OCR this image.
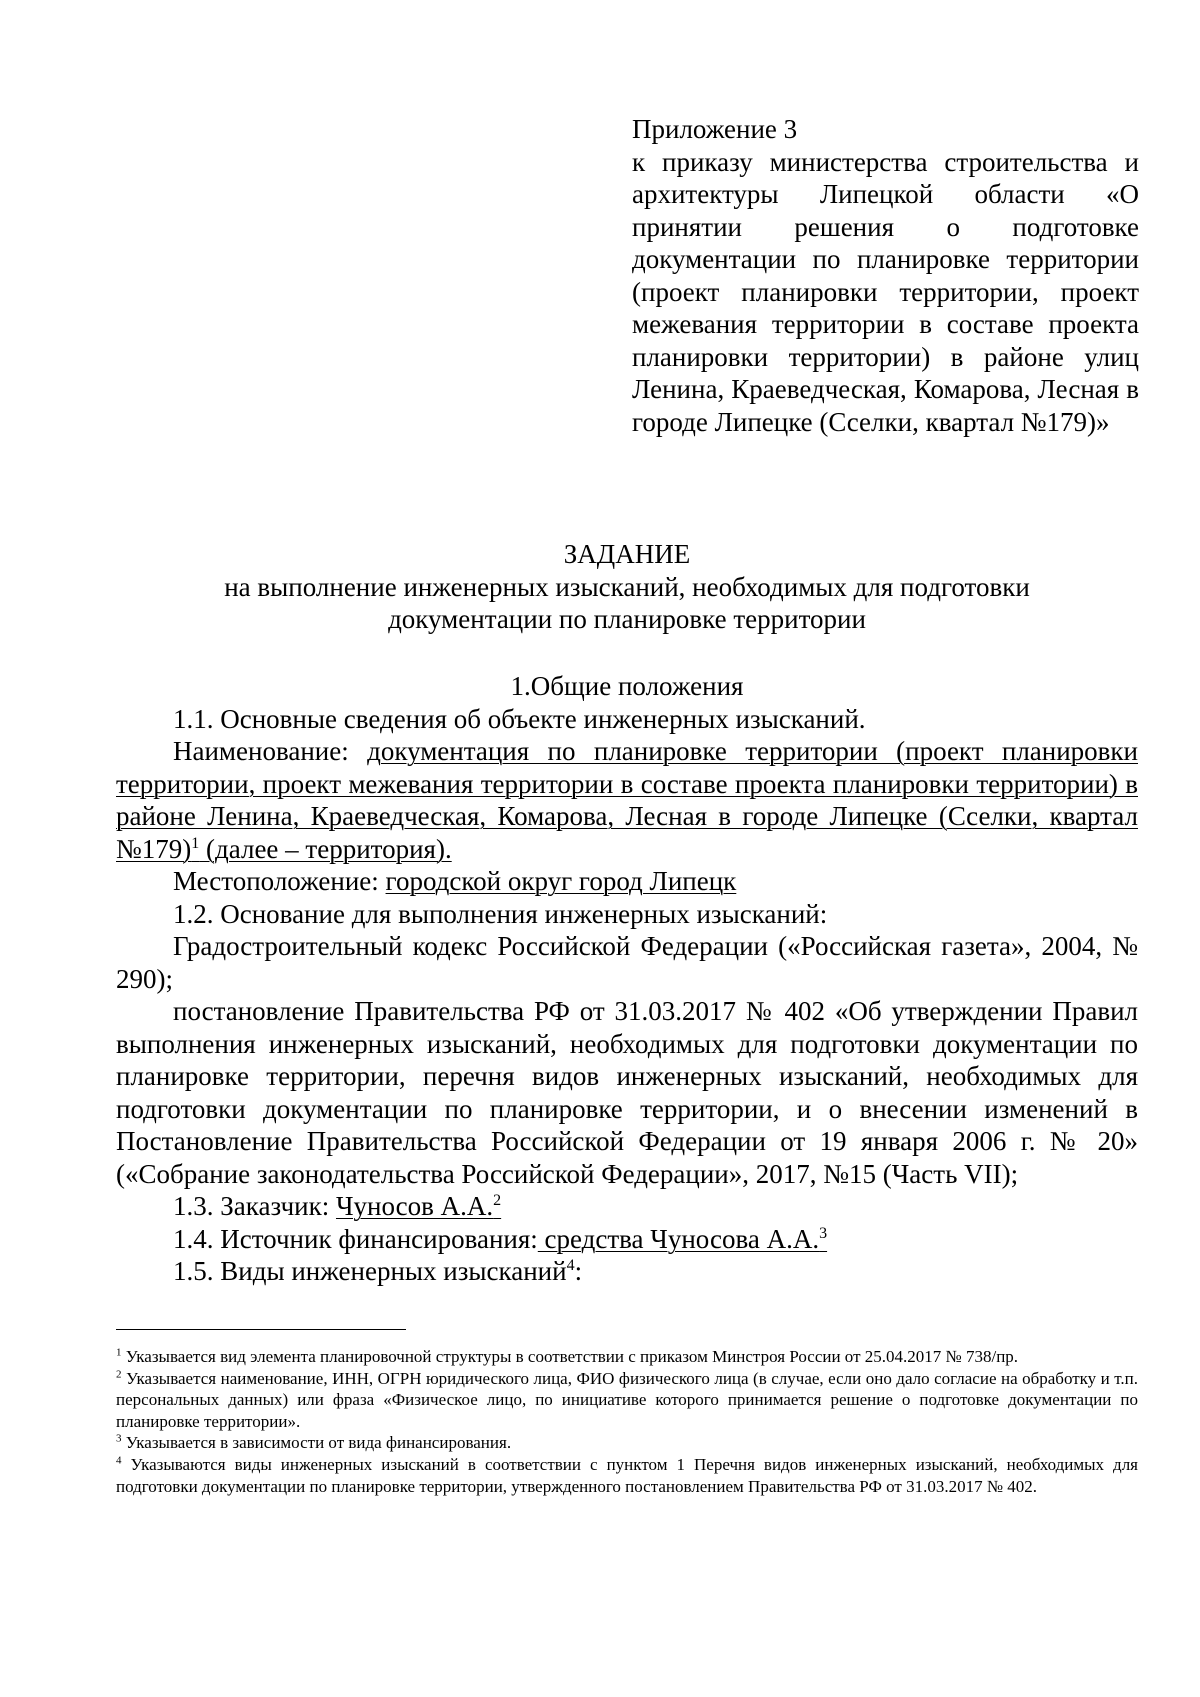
Приложение 3

к приказу министерства строительства и архитектуры Липецкой области «О принятии решения о подготовке документации по планировке территории (проект планировки территории, проект межевания территории в составе проекта планировки территории) в районе улиц Ленина, Краеведческая, Комарова, Лесная в городе Липецке (Сселки, квартал №179)»

ЗАДАНИЕ

на выполнение инженерных изысканий, необходимых для подготовки

документации по планировке территории

1.Общие положения

1.1. Основные сведения об объекте инженерных изысканий.

Наименование: документация по планировке территории (проект планировки территории, проект межевания территории в составе проекта планировки территории) в районе Ленина, Краеведческая, Комарова, Лесная в городе Липецке (Сселки, квартал №179)$^1$ (далее – территория).

Местоположение: городской округ город Липецк

1.2. Основание для выполнения инженерных изысканий:

Градостроительный кодекс Российской Федерации («Российская газета», 2004, № 290);

постановление Правительства РФ от 31.03.2017 № 402 «Об утверждении Правил выполнения инженерных изысканий, необходимых для подготовки документации по планировке территории, перечня видов инженерных изысканий, необходимых для подготовки документации по планировке территории, и о внесении изменений в Постановление Правительства Российской Федерации от 19 января 2006 г. № 20» («Собрание законодательства Российской Федерации», 2017, №15 (Часть VII);

1.3. Заказчик: Чуносов А.А.$^2$

1.4. Источник финансирования: средства Чуносова А.А.$^3$

1.5. Виды инженерных изысканий$^4$:

$^1$ Указывается вид элемента планировочной структуры в соответствии с приказом Минстроя России от 25.04.2017 № 738/пр.

$^2$ Указывается наименование, ИНН, ОГРН юридического лица, ФИО физического лица (в случае, если оно дало согласие на обработку и т.п. персональных данных) или фраза «Физическое лицо, по инициативе которого принимается решение о подготовке документации по планировке территории».

$^3$ Указывается в зависимости от вида финансирования.

$^4$ Указываются виды инженерных изысканий в соответствии с пунктом 1 Перечня видов инженерных изысканий, необходимых для подготовки документации по планировке территории, утвержденного постановлением Правительства РФ от 31.03.2017 № 402.
